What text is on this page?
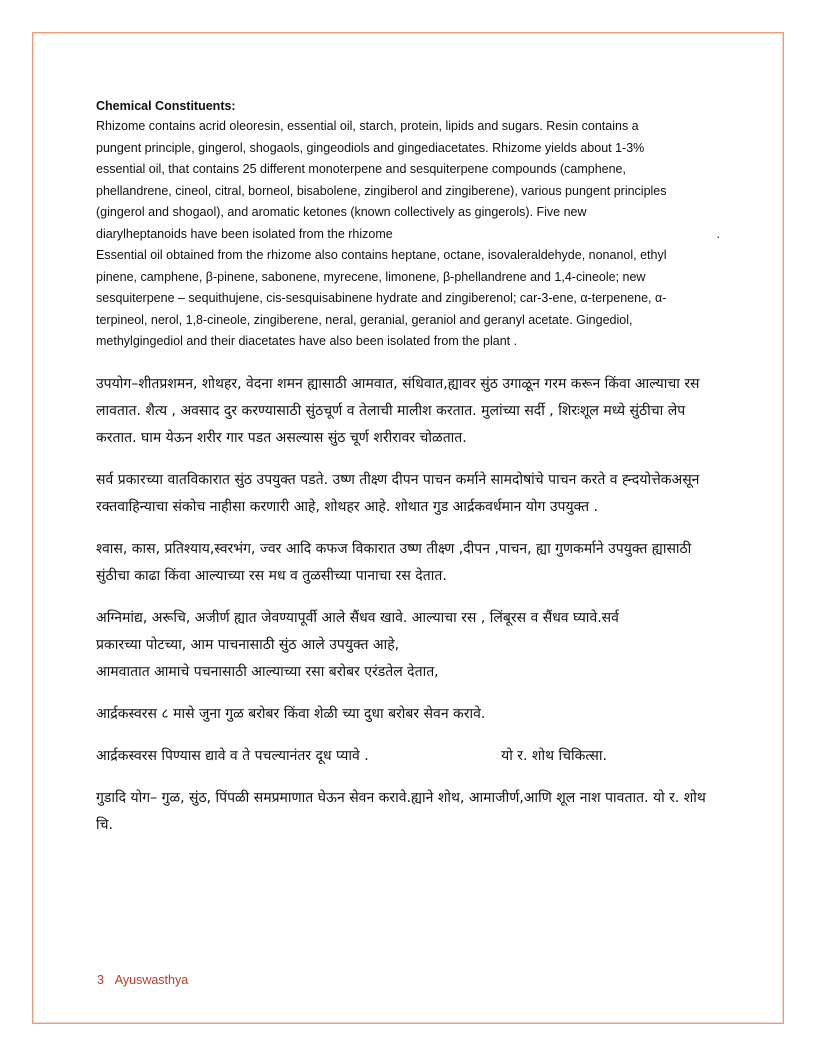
Chemical Constituents:

Rhizome contains acrid oleoresin, essential oil, starch, protein, lipids and sugars. Resin contains a

pungent principle, gingerol, shogaols, gingeodiols and gingediacetates. Rhizome yields about 1-3%

essential oil, that contains 25 different monoterpene and sesquiterpene compounds (camphene,

phellandrene, cineol, citral, borneol, bisabolene, zingiberol and zingiberene), various pungent principles

(gingerol and shogaol), and aromatic ketones (known collectively as gingerols). Five new

diarylheptanoids have been isolated from the rhizome	.

Essential oil obtained from the rhizome also contains heptane, octane, isovaleraldehyde, nonanol, ethyl

pinene, camphene, β-pinene, sabonene, myrecene, limonene, β-phellandrene and 1,4-cineole; new

sesquiterpene – sequithujene, cis-sesquisabinene hydrate and zingiberenol; car-3-ene, α-terpenene, α-

terpineol, nerol, 1,8-cineole, zingiberene, neral, geranial, geraniol and geranyl acetate. Gingediol,

methylgingediol and their diacetates have also been isolated from the plant .

उपयोग–शीतप्रशमन, शोथहर, वेदना शमन ह्यासाठी आमवात, संधिवात,ह्यावर सुंठ उगाळून गरम करून किंवा आल्याचा रस लावतात. शैत्य , अवसाद दुर करण्यासाठी सुंठचूर्ण व तेलाची मालीश करतात. मुलांच्या सर्दी , शिरःशूल मध्ये सुंठीचा लेप करतात. घाम येऊन शरीर गार पडत असल्यास सुंठ चूर्ण शरीरावर चोळतात.

सर्व प्रकारच्या वातविकारात सुंठ उपयुक्त पडते. उष्ण तीक्ष्ण दीपन पाचन कर्माने सामदोषांचे पाचन करते व ह्न्दयोत्तेकअसून रक्तवाहिन्याचा संकोच नाहीसा करणारी आहे, शोथहर आहे. शोथात गुड आर्द्रकवर्धमान योग उपयुक्त .

श्वास, कास, प्रतिश्याय,स्वरभंग, ज्वर आदि कफज विकारात उष्ण तीक्ष्ण ,दीपन ,पाचन, ह्या गुणकर्माने उपयुक्त ह्यासाठी सुंठीचा काढा किंवा आल्याच्या रस मध व तुळसीच्या पानाचा रस देतात.

अग्निमांद्य, अरूचि, अजीर्ण ह्यात जेवण्यापूर्वी आले सैंधव खावे. आल्याचा रस , लिंबूरस व सैंधव घ्यावे.सर्व
प्रकारच्या पोटच्या, आम पाचनासाठी सुंठ आले उपयुक्त आहे,
आमवातात आमाचे पचनासाठी आल्याच्या रसा बरोबर एरंडतेल देतात,

आर्द्रकस्वरस ८ मासे जुना गुळ बरोबर किंवा शेळी च्या दुधा बरोबर सेवन करावे.

आर्द्रकस्वरस पिण्यास द्यावे व ते पचल्यानंतर दूध प्यावे .	यो र. शोथ चिकित्सा.

गुडादि योग– गुळ, सुंठ, पिंपळी समप्रमाणात घेऊन सेवन करावे.ह्याने शोथ, आमाजीर्ण,आणि शूल नाश पावतात. यो र. शोथ चि.

3 Ayuswasthya
